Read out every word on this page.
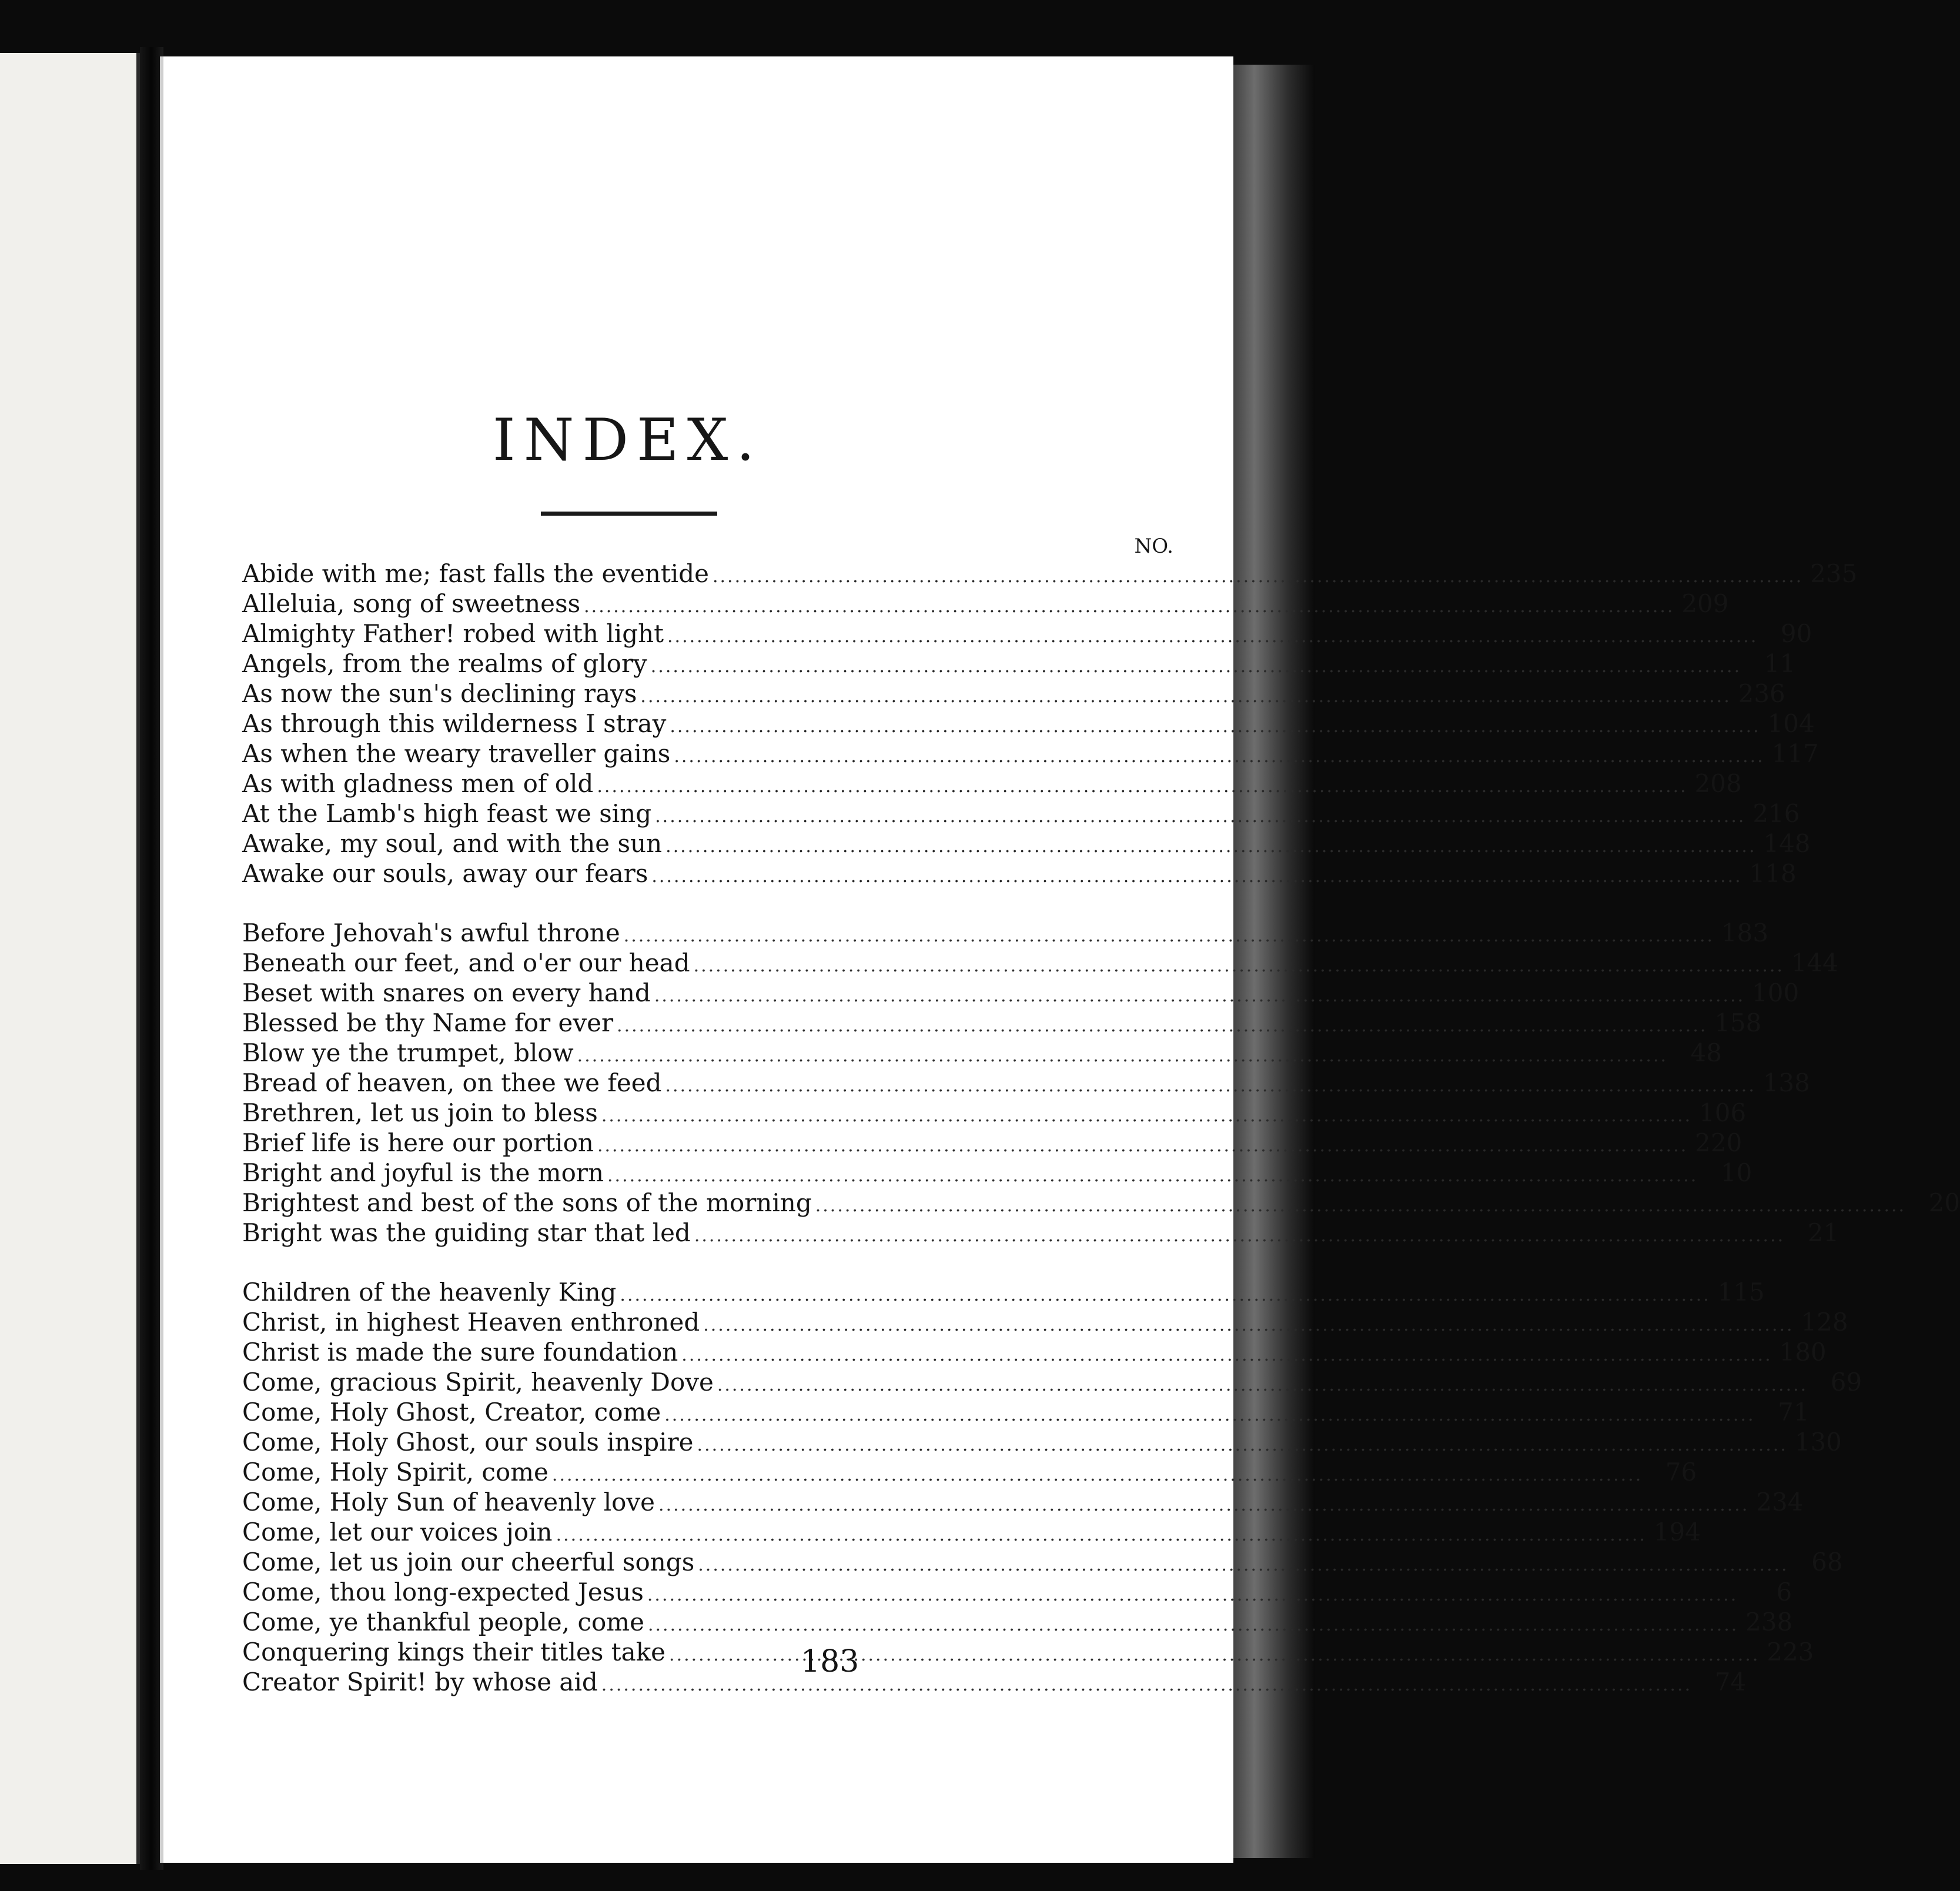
INDEX.
NO.
Abide with me; fast falls the eventide .....	235
Alleluia, song of sweetness .....	209
Almighty Father! robed with light .....	90
Angels, from the realms of glory .....	11
As now the sun's declining rays .....	236
As through this wilderness I stray .....	104
As when the weary traveller gains .....	117
As with gladness men of old .....	208
At the Lamb's high feast we sing .....	216
Awake, my soul, and with the sun .....	148
Awake our souls, away our fears .....	118
Before Jehovah's awful throne .....	183
Beneath our feet, and o'er our head .....	144
Beset with snares on every hand .....	100
Blessed be thy Name for ever .....	158
Blow ye the trumpet, blow .....	48
Bread of heaven, on thee we feed .....	138
Brethren, let us join to bless .....	106
Brief life is here our portion .....	220
Bright and joyful is the morn .....	10
Brightest and best of the sons of the morning .....	20
Bright was the guiding star that led .....	21
Children of the heavenly King .....	115
Christ, in highest Heaven enthroned .....	128
Christ is made the sure foundation .....	180
Come, gracious Spirit, heavenly Dove .....	69
Come, Holy Ghost, Creator, come .....	71
Come, Holy Ghost, our souls inspire .....	130
Come, Holy Spirit, come .....	76
Come, Holy Sun of heavenly love .....	234
Come, let our voices join .....	194
Come, let us join our cheerful songs .....	68
Come, thou long-expected Jesus .....	6
Come, ye thankful people, come .....	238
Conquering kings their titles take .....	223
Creator Spirit! by whose aid .....	74
183
